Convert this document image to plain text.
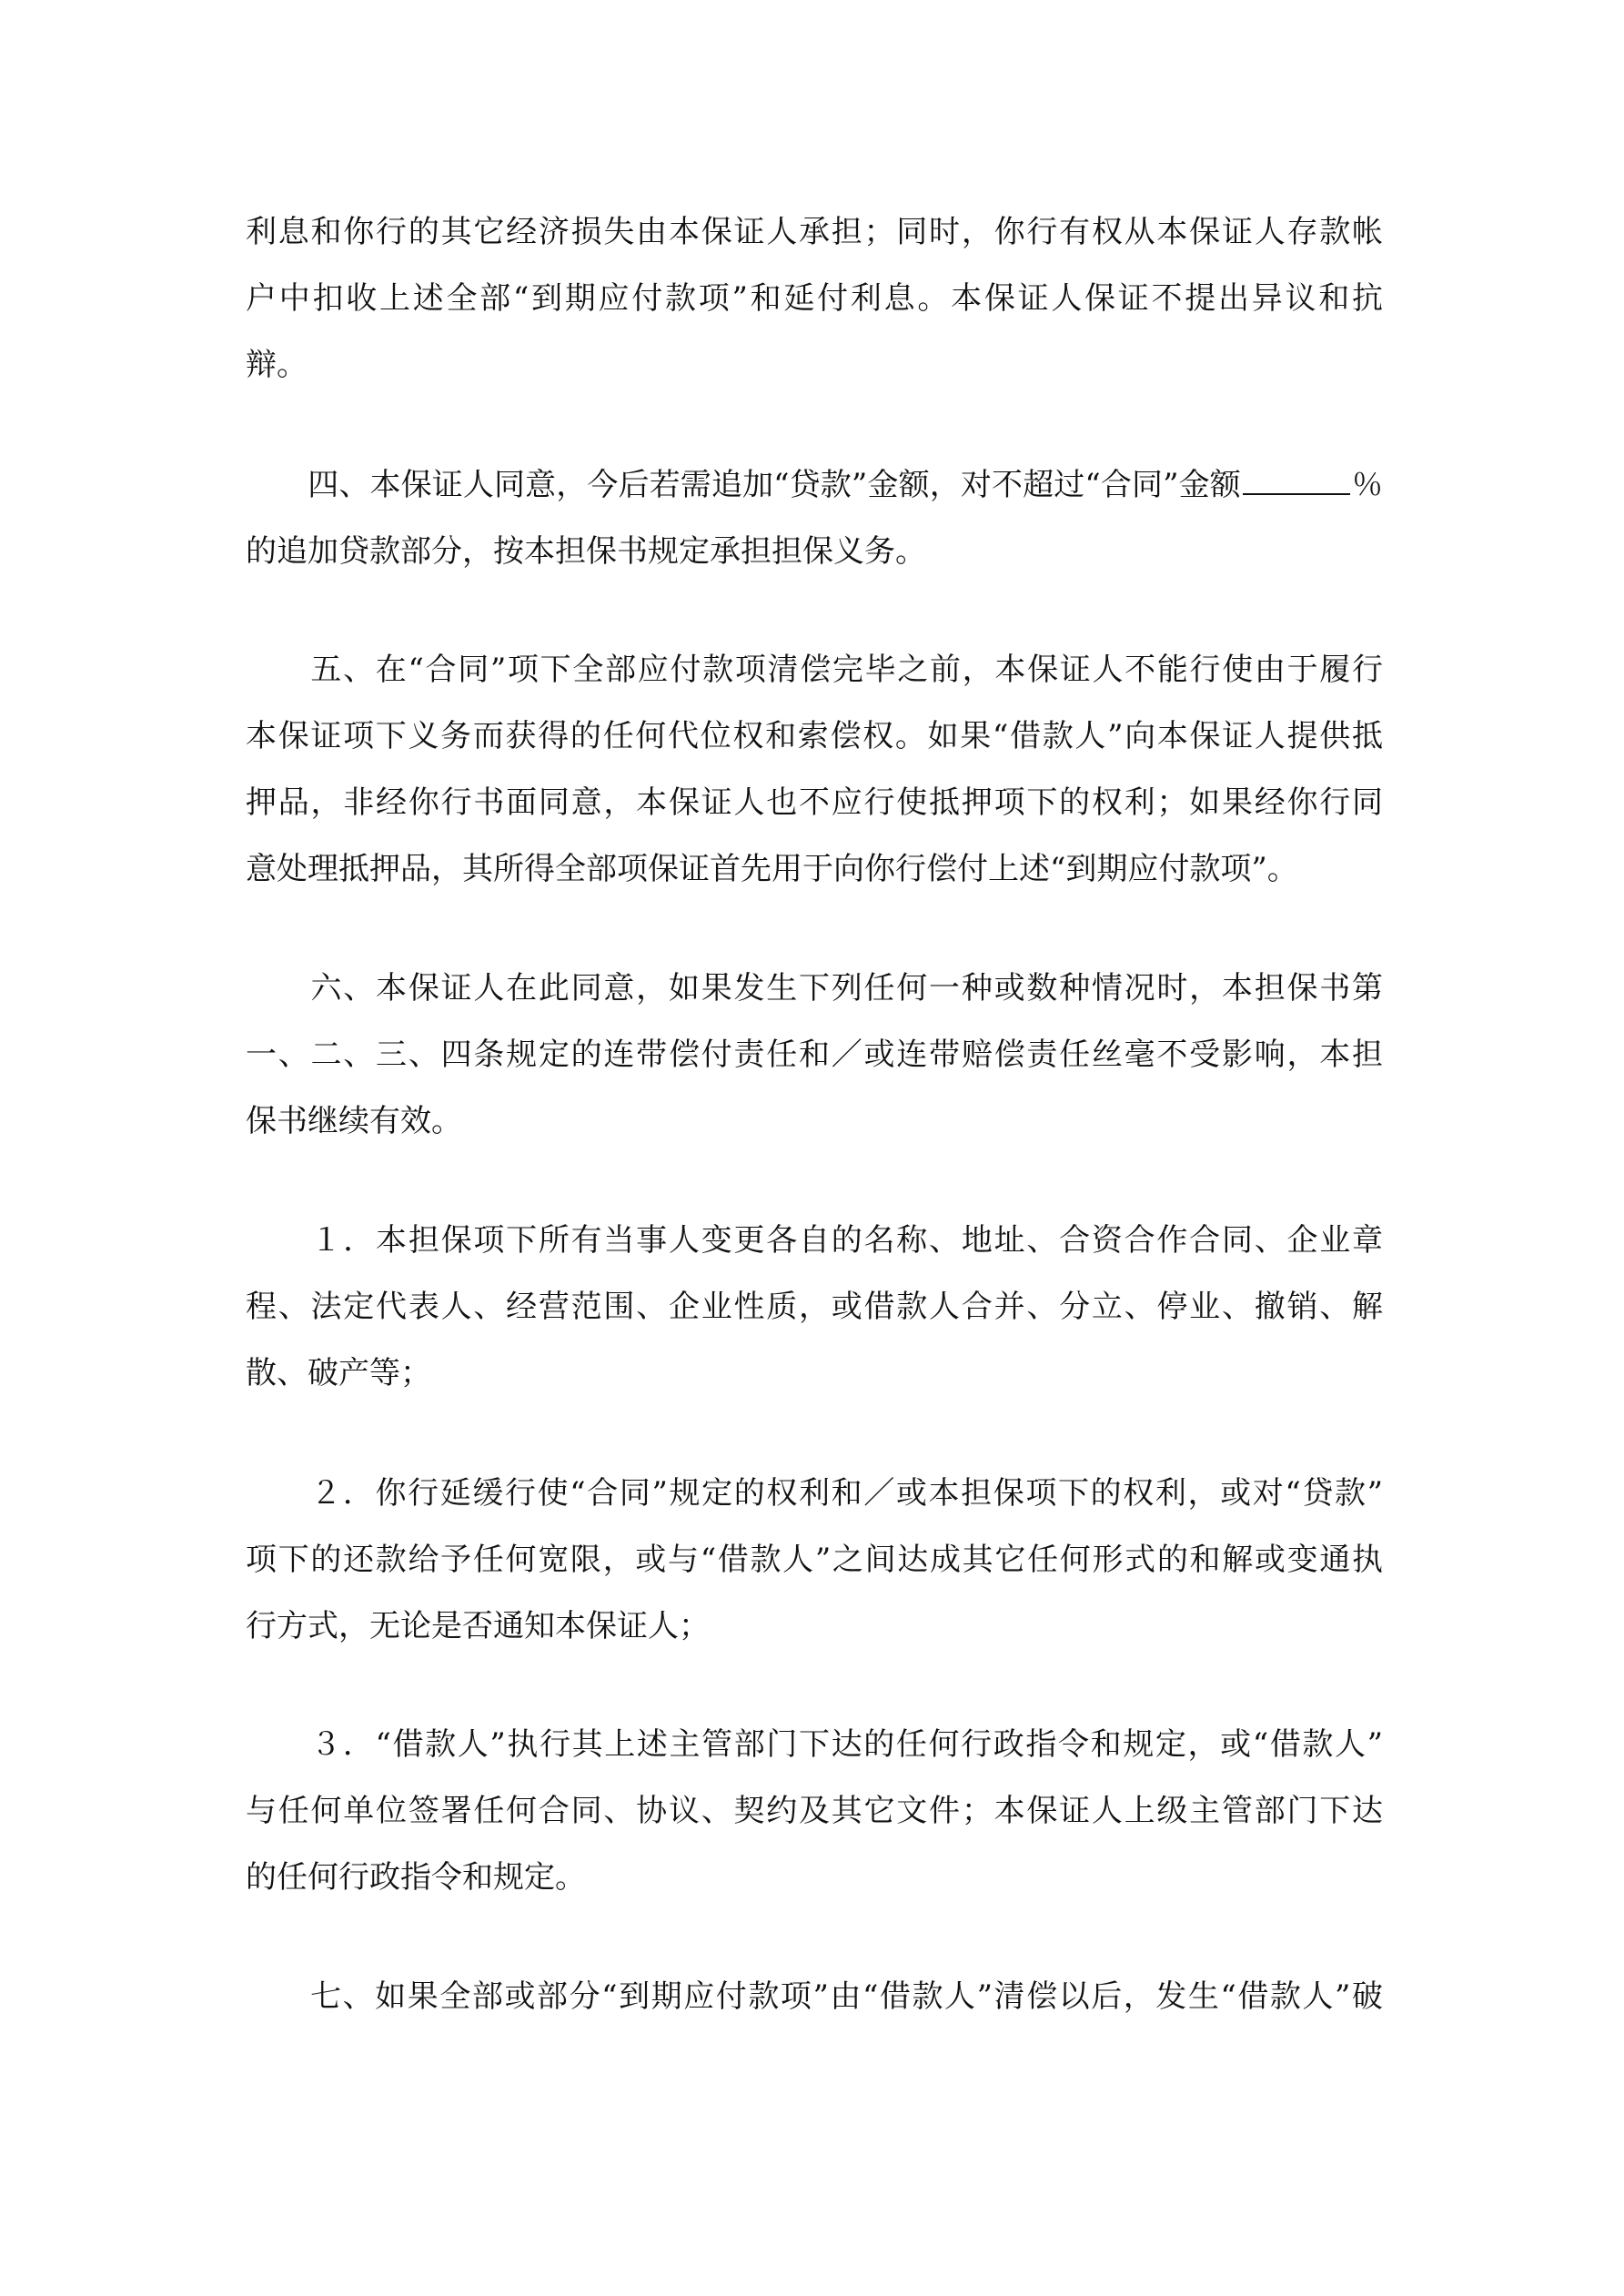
利息和你行的其它经济损失由本保证人承担；同时，你行有权从本保证人存款帐
户中扣收上述全部“到期应付款项”和延付利息。本保证人保证不提出异议和抗
辩。
　　四、本保证人同意，今后若需追加“贷款”金额，对不超过“合同”金额	％
的追加贷款部分，按本担保书规定承担担保义务。
　　五、在“合同”项下全部应付款项清偿完毕之前，本保证人不能行使由于履行
本保证项下义务而获得的任何代位权和索偿权。如果“借款人”向本保证人提供抵
押品，非经你行书面同意，本保证人也不应行使抵押项下的权利；如果经你行同
意处理抵押品，其所得全部项保证首先用于向你行偿付上述“到期应付款项”。
　　六、本保证人在此同意，如果发生下列任何一种或数种情况时，本担保书第
一、二、三、四条规定的连带偿付责任和／或连带赔偿责任丝毫不受影响，本担
保书继续有效。
　　１．本担保项下所有当事人变更各自的名称、地址、合资合作合同、企业章
程、法定代表人、经营范围、企业性质，或借款人合并、分立、停业、撤销、解
散、破产等；
　　２．你行延缓行使“合同”规定的权利和／或本担保项下的权利，或对“贷款”
项下的还款给予任何宽限，或与“借款人”之间达成其它任何形式的和解或变通执
行方式，无论是否通知本保证人；
　　３．“借款人”执行其上述主管部门下达的任何行政指令和规定，或“借款人”
与任何单位签署任何合同、协议、契约及其它文件；本保证人上级主管部门下达
的任何行政指令和规定。
　　七、如果全部或部分“到期应付款项”由“借款人”清偿以后，发生“借款人”破
